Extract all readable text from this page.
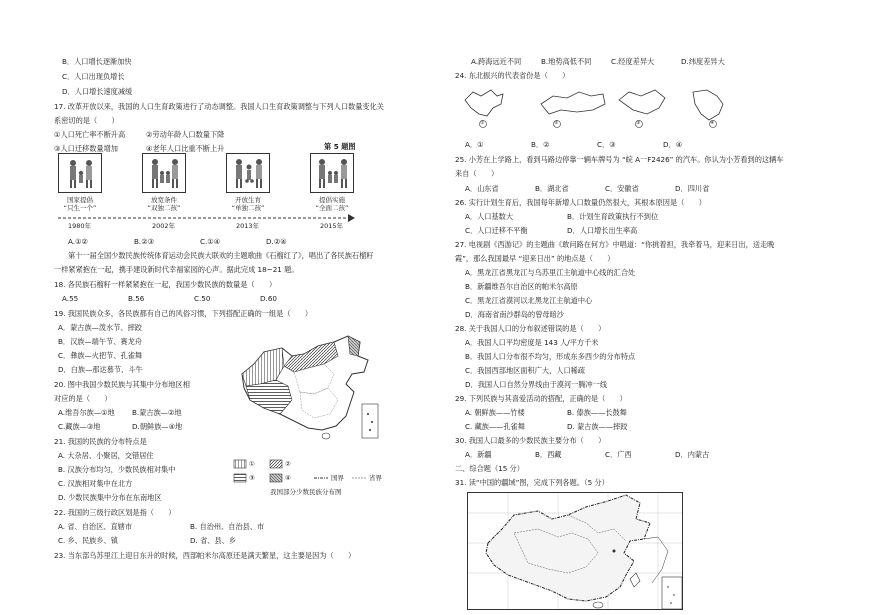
B．人口增长逐渐加快
C．人口出现负增长
D．人口增长速度减缓
17. 改革开放以来，我国的人口生育政策进行了动态调整。我国人口生育政策调整与下列人口数量变化关
系密切的是（　　）
①人口死亡率不断升高	②劳动年龄人口数量下降
③人口迁移数量增加	④老年人口比重不断上升	第 5 题图
国家提倡
“只生一个”
放宽条件
“双独二孩”
开放生育
“单独二孩”
提倡实施
“全面二孩”
1980年	2002年	2013年	2015年
A.①②	B.②③	C.①④	D.②④
第十一届全国少数民族传统体育运动会民族大联欢的主题歌曲《石榴红了》，唱出了各民族石榴籽
一样紧紧抱在一起，携手建设新时代幸福家园的心声。据此完成 18~21 题。
18. 各民族石榴籽一样紧紧抱在一起，我国少数民族的数量是（　　）
A.55	B.56	C.50	D.60
19. 我国民族众多，各民族都有自己的风俗习惯，下列搭配正确的一组是（　　）
A．蒙古族—泼水节、摔跤
B．汉族—端午节、赛龙舟
C．彝族—火把节、孔雀舞
D．白族—那达慕节、斗牛
20. 图中我国少数民族与其集中分布地区相
对应的是（　　）
A.维吾尔族—①地 B.蒙古族—②地
C.藏族—③地	D.朝鲜族—④地
21. 我国的民族的分布特点是
A. 大杂居、小聚居，交错居住
B. 汉族分布均匀，少数民族相对集中
C. 汉族相对集中在北方
D. 少数民族集中分布在东南地区
①	②
③	④	国界	省界
我国部分少数民族分布图
22. 我国的三级行政区划是指（　　）
A. 省、自治区、直辖市	B. 自治州、自治县、市
C. 乡、民族乡、镇	D. 省、县、乡
23. 当东部乌苏里江上迎日东升的时候，西部帕米尔高原还是满天繁星，这主要是因为（　　）
A.跨海远近不同	B.地势高低不同	C.经度差异大	D.纬度差异大
24. 东北振兴的代表省份是（　　）
①	②	③	④
A．①	B．②	C．③	D．④
25. 小芳在上学路上，看到马路边停靠一辆车牌号为 “皖 A一F2426” 的汽车。你认为小芳看到的这辆车
来自（　　）
A．山东省	B．湖北省	C．安徽省	D．四川省
26. 实行计划生育后，我国每年新增人口数量仍然很大，其根本原因是（　　）
A．人口基数大	B．计划生育政策执行不到位
C．人口迁移不平衡	D．人口增长出生率高
27. 电视剧《西游记》的主题曲《敢问路在何方》中唱道：“你挑着担，我牵着马，迎来日出，送走晚
霞”，那么我国最早 “迎来日出” 的地点是（　　）
A．黑龙江省黑龙江与乌苏里江主航道中心线的汇合处
B．新疆维吾尔自治区的帕米尔高原
C．黑龙江省漠河以北黑龙江主航道中心
D．海南省南沙群岛的曾母暗沙
28. 关于我国人口的分布叙述错误的是（　　）
A．我国人口平均密度是 143 人/平方千米
B．我国人口分布很不均匀，形成东多西少的分布特点
C．我国西部地区面积广大，人口稀疏
D．我国人口自然分界线由于漠河一腾冲一线
29. 下列民族与其喜爱活动的搭配，正确的是（　　）
A. 朝鲜族——竹楼	B. 傣族——长鼓舞
C. 藏族——孔雀舞	D. 蒙古族——摔跤
30. 我国人口最多的少数民族主要分布（　　）
A．新疆	B．西藏	C．广西	D．内蒙古
二、综合题（15 分）
31. 读“中国的疆域”图，完成下列各题。（5 分）
